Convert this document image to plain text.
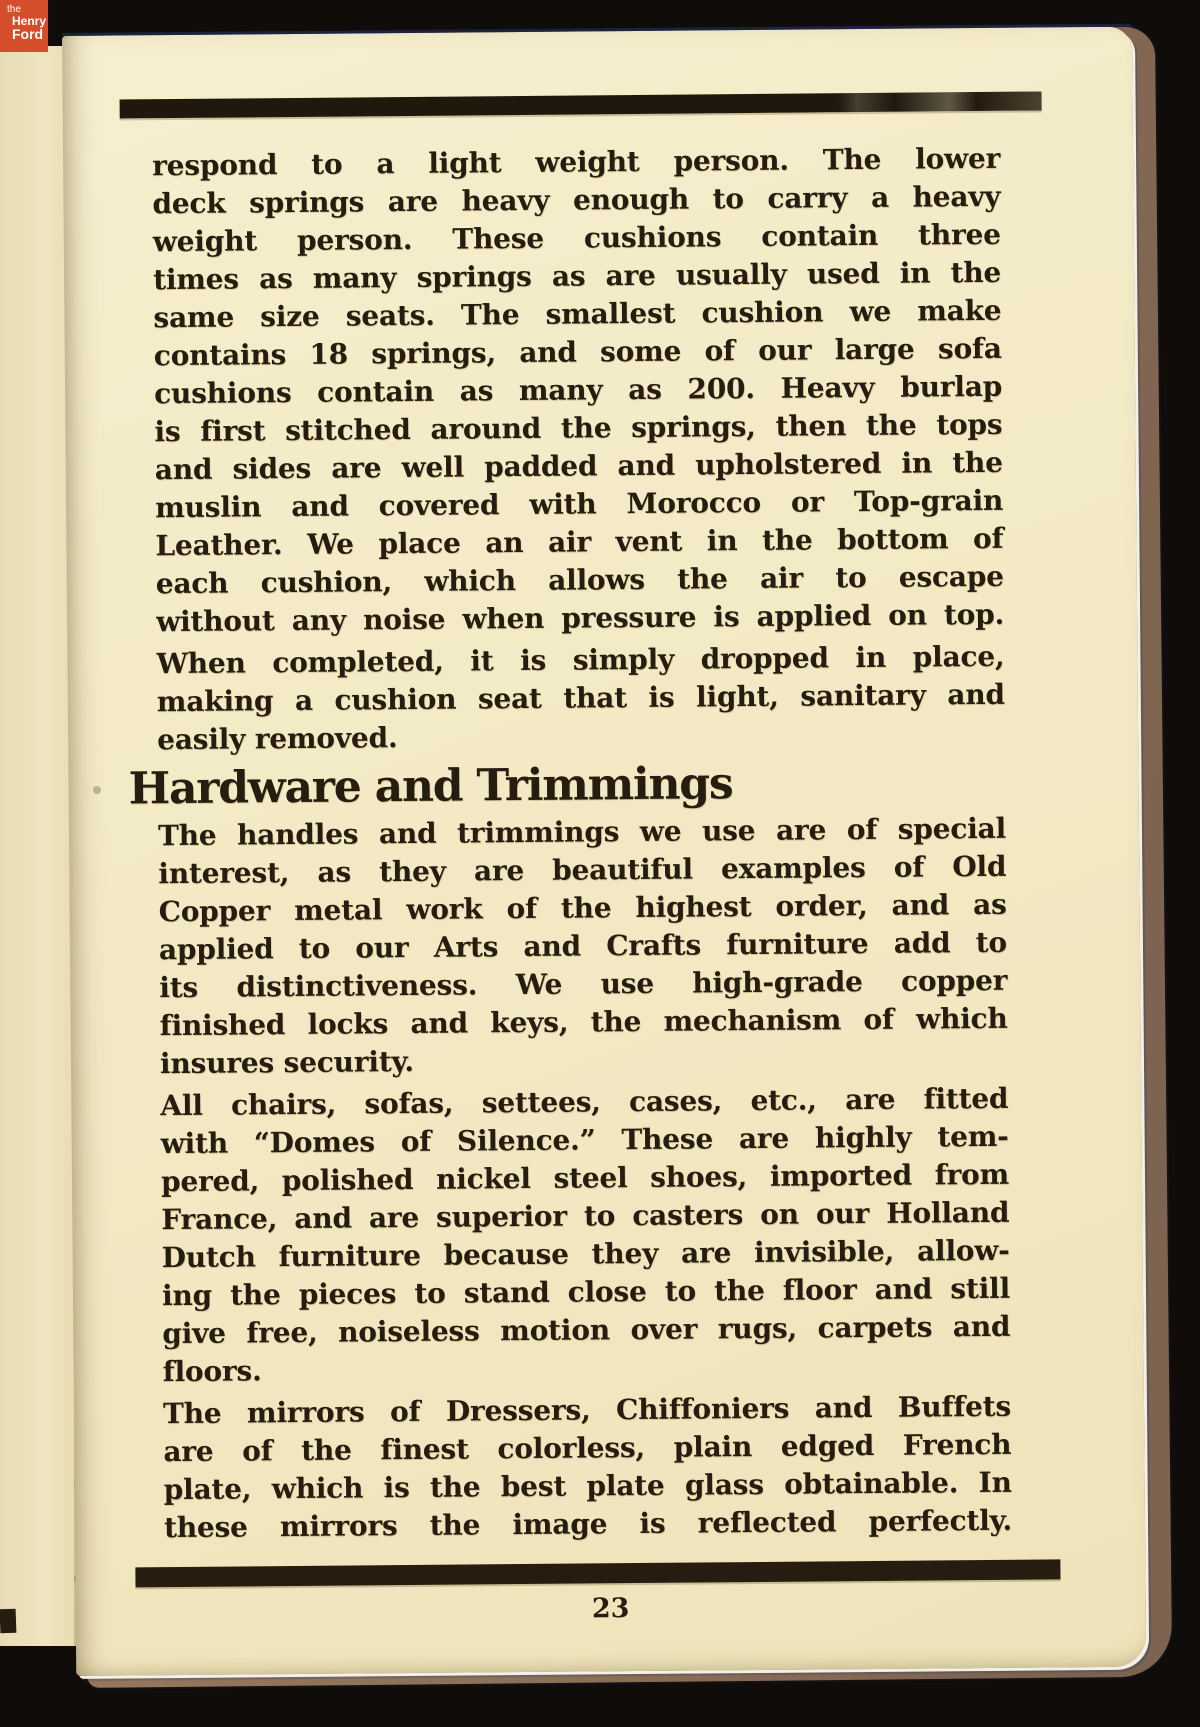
respond to a light weight person. The lower
deck springs are heavy enough to carry a heavy
weight person. These cushions contain three
times as many springs as are usually used in the
same size seats. The smallest cushion we make
contains 18 springs, and some of our large sofa
cushions contain as many as 200. Heavy burlap
is first stitched around the springs, then the tops
and sides are well padded and upholstered in the
muslin and covered with Morocco or Top-grain
Leather. We place an air vent in the bottom of
each cushion, which allows the air to escape
without any noise when pressure is applied on top.
When completed, it is simply dropped in place,
making a cushion seat that is light, sanitary and
easily removed.
Hardware and Trimmings
The handles and trimmings we use are of special
interest, as they are beautiful examples of Old
Copper metal work of the highest order, and as
applied to our Arts and Crafts furniture add to
its distinctiveness. We use high-grade copper
finished locks and keys, the mechanism of which
insures security.
All chairs, sofas, settees, cases, etc., are fitted
with “Domes of Silence.” These are highly tem-
pered, polished nickel steel shoes, imported from
France, and are superior to casters on our Holland
Dutch furniture because they are invisible, allow-
ing the pieces to stand close to the floor and still
give free, noiseless motion over rugs, carpets and
floors.
The mirrors of Dressers, Chiffoniers and Buffets
are of the finest colorless, plain edged French
plate, which is the best plate glass obtainable. In
these mirrors the image is reflected perfectly.
23
the
Henry
Ford
